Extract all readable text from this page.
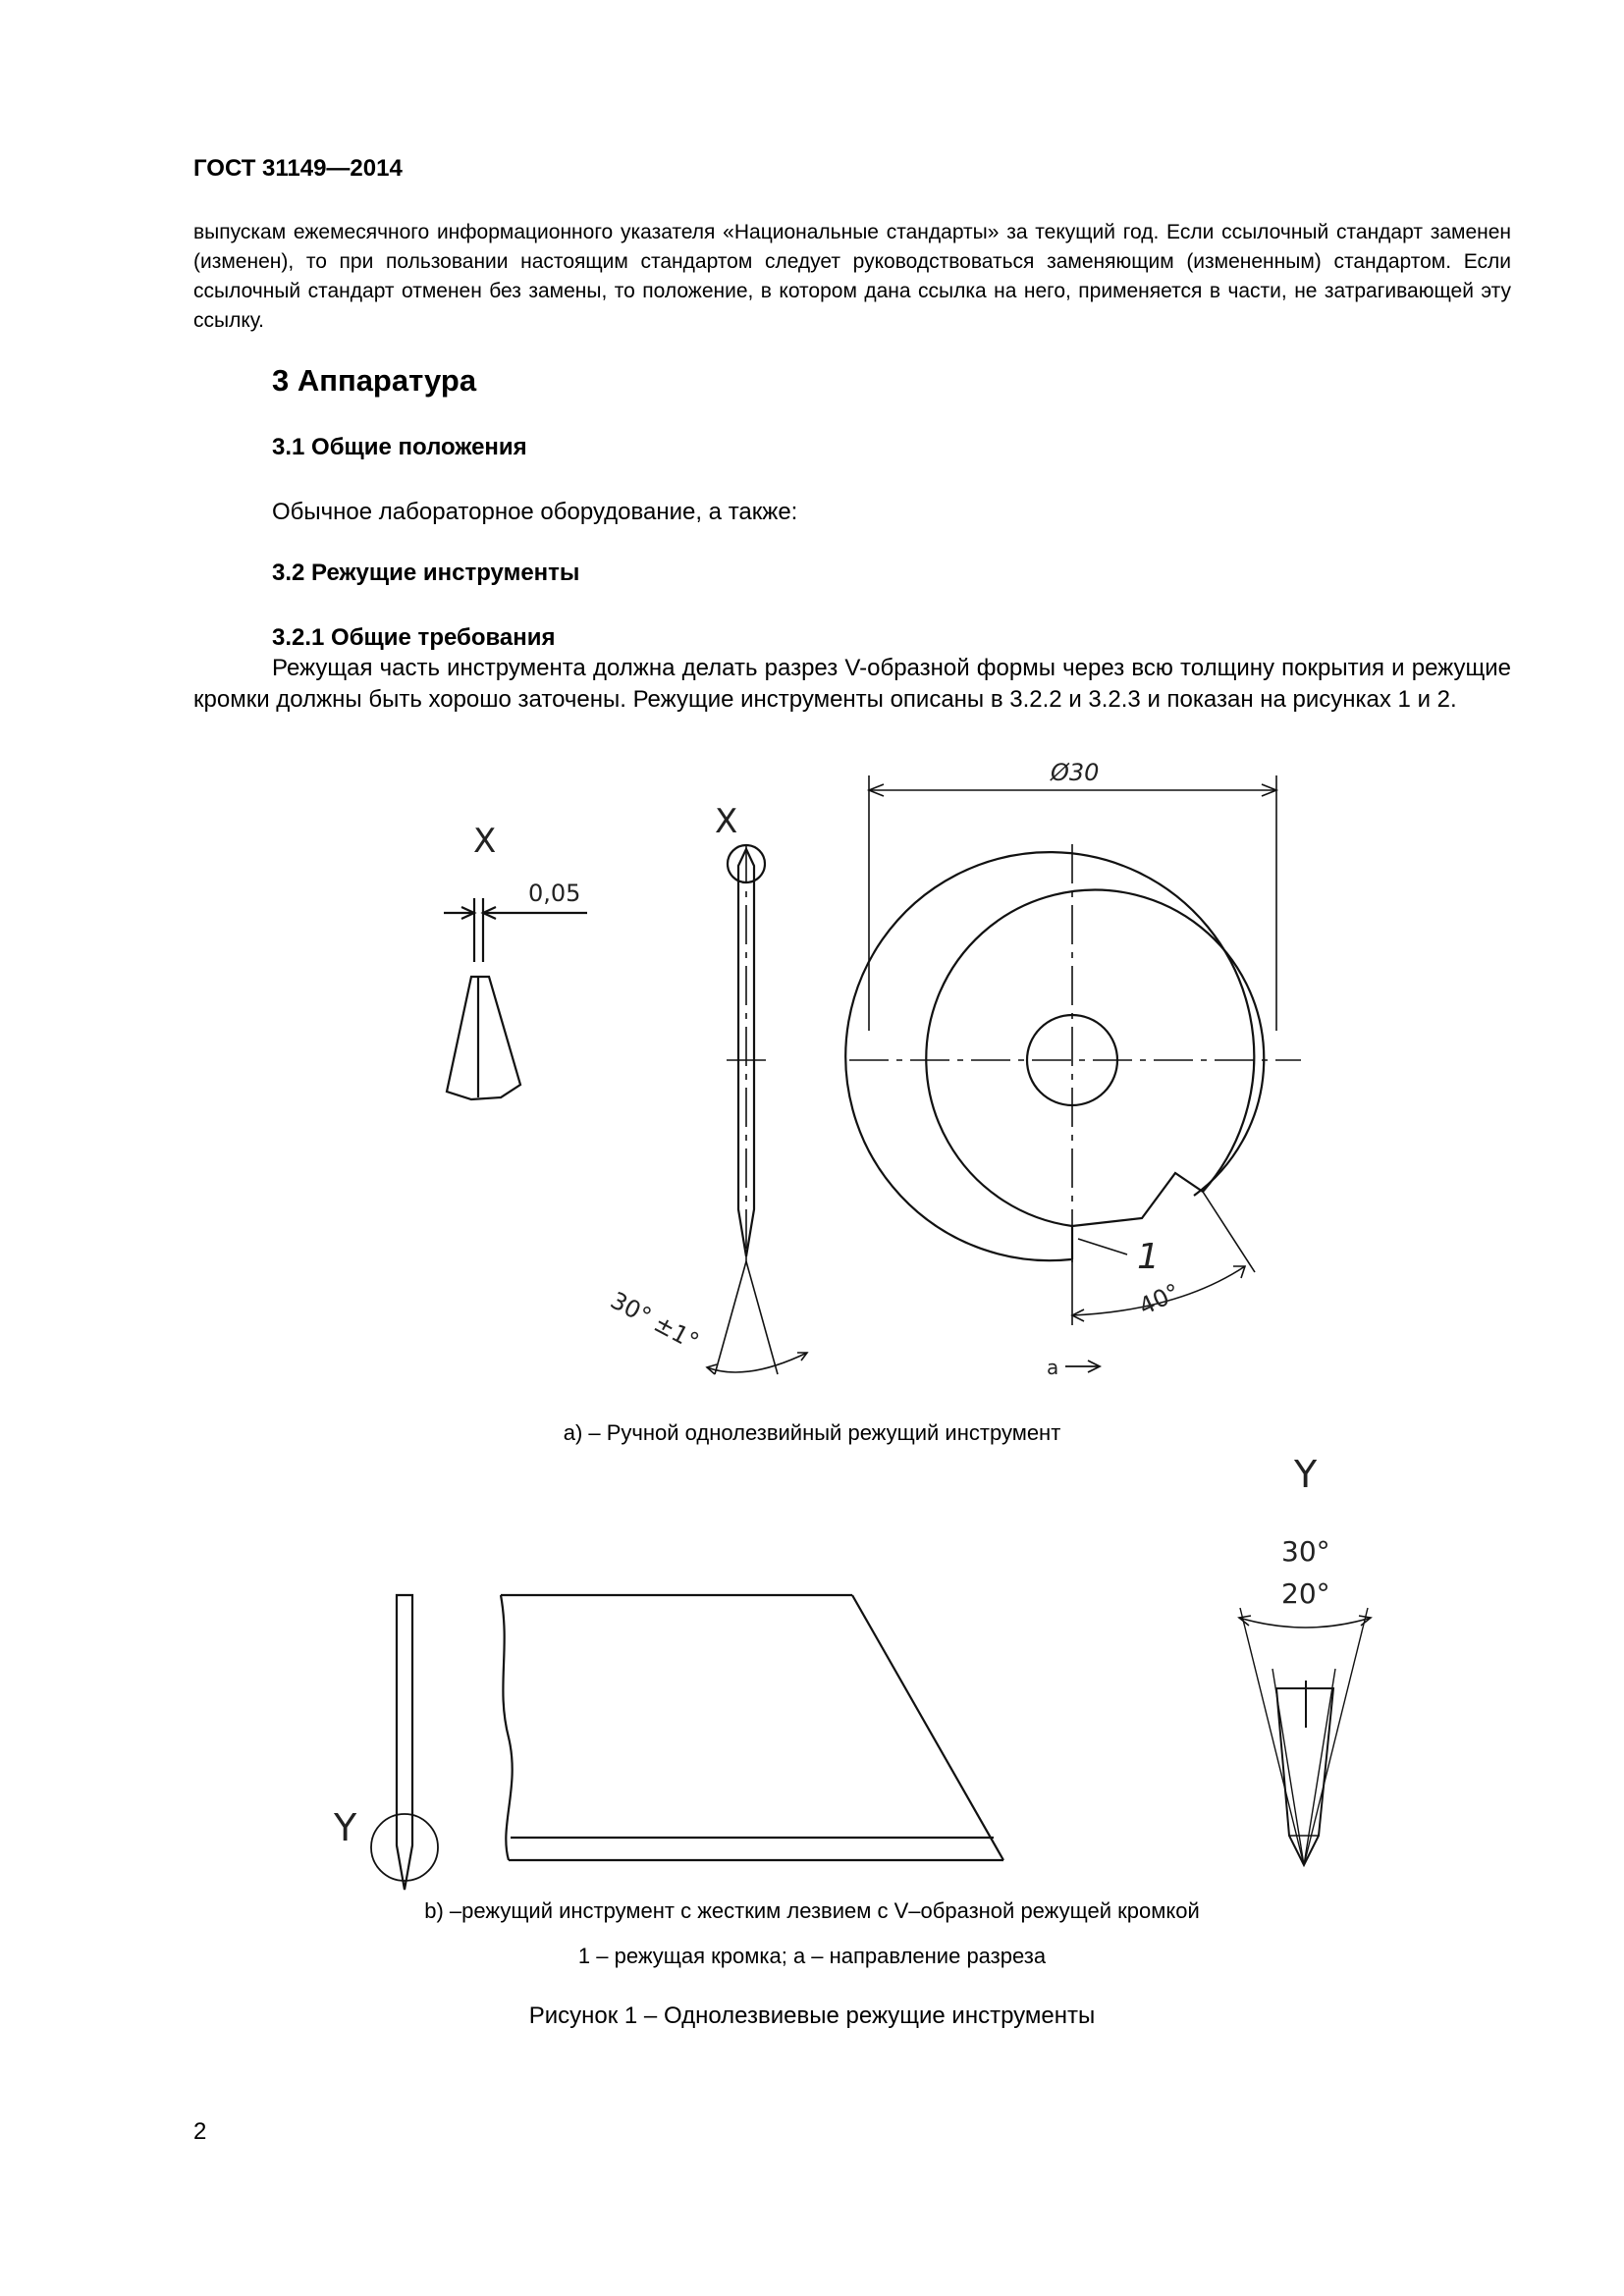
ГОСТ 31149—2014
выпускам ежемесячного информационного указателя «Национальные стандарты» за текущий год. Если ссылочный стандарт заменен (изменен), то при пользовании настоящим стандартом следует руководствоваться заменяющим (измененным) стандартом. Если ссылочный стандарт отменен без замены, то положение, в котором дана ссылка на него, применяется в части, не затрагивающей эту ссылку.
3 Аппаратура
3.1 Общие положения
Обычное лабораторное оборудование, а также:
3.2 Режущие инструменты
3.2.1 Общие требования
Режущая часть инструмента должна делать разрез V-образной формы через всю толщину покрытия и режущие кромки должны быть хорошо заточены. Режущие инструменты описаны в 3.2.2 и 3.2.3 и показан на рисунках 1 и 2.
X	X
0,05
Ø30
30° ±1°	40°
1
a
Y
Y
30°
20°
а) – Ручной однолезвийный режущий инструмент
b) –режущий инструмент с жестким лезвием с V–образной режущей кромкой
1 – режущая кромка; а – направление разреза
Рисунок 1 – Однолезвиевые режущие инструменты
2
